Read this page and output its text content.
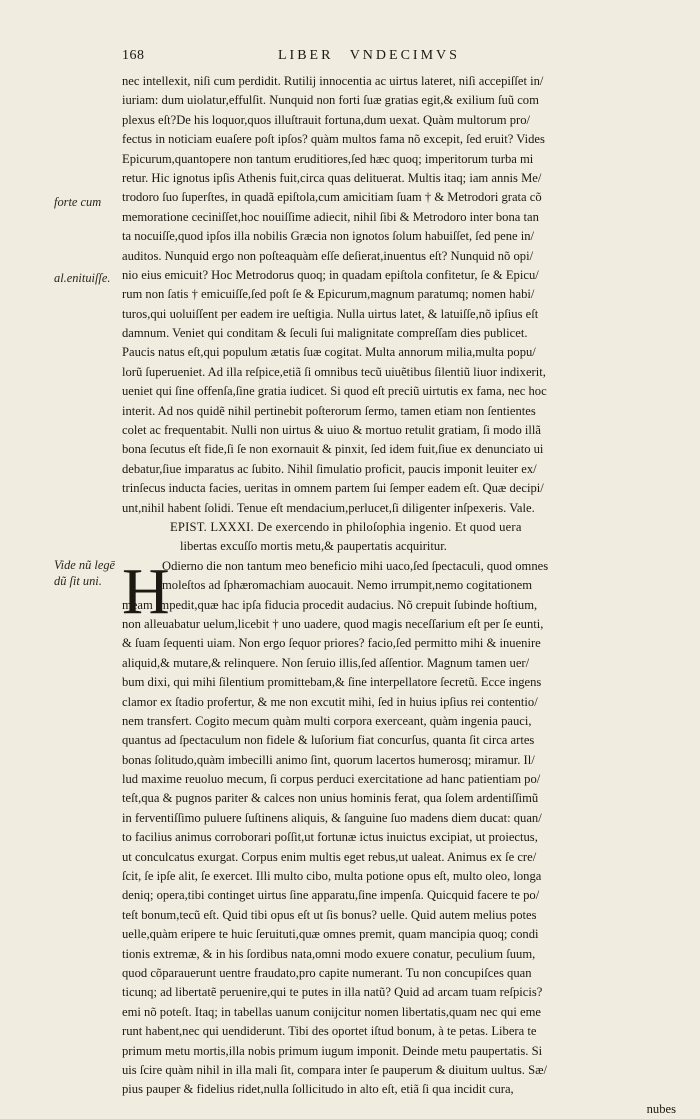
168	LIBER VNDECIMVS
forte cum
al.enituiſſe.
Vide nũ legē
dũ ſit uni.
nec intellexit, niſi cum perdidit. Rutilij innocentia ac uirtus lateret, niſi accepiſſet in/
iuriam: dum uiolatur,effulſit. Nunquid non forti ſuæ gratias egit,& exilium ſuũ com
plexus eſt?De his loquor,quos illuſtrauit fortuna,dum uexat. Quàm multorum pro/
fectus in noticiam euaſere poſt ipſos? quàm multos fama nõ excepit, ſed eruit? Vides
Epicurum,quantopere non tantum eruditiores,ſed hæc quoq; imperitorum turba mi
retur. Hic ignotus ipſis Athenis fuit,circa quas delituerat. Multis itaq; iam annis Me/
trodoro ſuo ſuperſtes, in quadã epiſtola,cum amicitiam ſuam † & Metrodori grata cõ
memoratione ceciniſſet,hoc nouiſſime adiecit, nihil ſibi & Metrodoro inter bona tan
ta nocuiſſe,quod ipſos illa nobilis Græcia non ignotos ſolum habuiſſet, ſed pene in/
auditos. Nunquid ergo non poſteaquàm eſſe deſierat,inuentus eſt? Nunquid nõ opi/
nio eius emicuit? Hoc Metrodorus quoq; in quadam epiſtola confitetur, ſe & Epicu/
rum non ſatis † emicuiſſe,ſed poſt ſe & Epicurum,magnum paratumq; nomen habi/
turos,qui uoluiſſent per eadem ire ueſtigia. Nulla uirtus latet, & latuiſſe,nõ ipſius eſt
damnum. Veniet qui conditam & ſeculi ſui malignitate compreſſam dies publicet.
Paucis natus eſt,qui populum ætatis ſuæ cogitat. Multa annorum milia,multa popu/
lorũ ſuperueniet. Ad illa reſpice,etiã ſi omnibus tecũ uiuẽtibus ſilentiũ liuor indixerit,
ueniet qui ſine offenſa,ſine gratia iudicet. Si quod eſt preciũ uirtutis ex fama, nec hoc
interit. Ad nos quidẽ nihil pertinebit poſterorum ſermo, tamen etiam non ſentientes
colet ac frequentabit. Nulli non uirtus & uiuo & mortuo retulit gratiam, ſi modo illã
bona ſecutus eſt fide,ſi ſe non exornauit & pinxit, ſed idem fuit,ſiue ex denunciato ui
debatur,ſiue imparatus ac ſubito. Nihil ſimulatio proficit, paucis imponit leuiter ex/
trinſecus inducta facies, ueritas in omnem partem ſui ſemper eadem eſt. Quæ decipi/
unt,nihil habent ſolidi. Tenue eſt mendacium,perlucet,ſi diligenter inſpexeris. Vale.
EPIST. LXXXI. De exercendo in philoſophia ingenio. Et quod uera
libertas excuſſo mortis metu,& paupertatis acquiritur.
H
Odierno die non tantum meo beneficio mihi uaco,ſed ſpectaculi, quod omnes
moleſtos ad ſphæromachiam auocauit. Nemo irrumpit,nemo cogitationem
meam impedit,quæ hac ipſa fiducia procedit audacius. Nõ crepuit ſubinde hoſtium,
non alleuabatur uelum,licebit † uno uadere, quod magis neceſſarium eſt per ſe eunti,
& ſuam ſequenti uiam. Non ergo ſequor priores? facio,ſed permitto mihi & inuenire
aliquid,& mutare,& relinquere. Non ſeruio illis,ſed aſſentior. Magnum tamen uer/
bum dixi, qui mihi ſilentium promittebam,& ſine interpellatore ſecretũ. Ecce ingens
clamor ex ſtadio profertur, & me non excutit mihi, ſed in huius ipſius rei contentio/
nem transfert. Cogito mecum quàm multi corpora exerceant, quàm ingenia pauci,
quantus ad ſpectaculum non fidele & luſorium fiat concurſus, quanta ſit circa artes
bonas ſolitudo,quàm imbecilli animo ſint, quorum lacertos humerosq; miramur. Il/
lud maxime reuoluo mecum, ſi corpus perduci exercitatione ad hanc patientiam po/
teſt,qua & pugnos pariter & calces non unius hominis ferat, qua ſolem ardentiſſimũ
in ferventiſſimo puluere ſuſtinens aliquis, & ſanguine ſuo madens diem ducat: quan/
to facilius animus corroborari poſſit,ut fortunæ ictus inuictus excipiat, ut proiectus,
ut conculcatus exurgat. Corpus enim multis eget rebus,ut ualeat. Animus ex ſe cre/
ſcit, ſe ipſe alit, ſe exercet. Illi multo cibo, multa potione opus eſt, multo oleo, longa
deniq; opera,tibi continget uirtus ſine apparatu,ſine impenſa. Quicquid facere te po/
teſt bonum,tecũ eſt. Quid tibi opus eſt ut ſis bonus? uelle. Quid autem melius potes
uelle,quàm eripere te huic ſeruituti,quæ omnes premit, quam mancipia quoq; condi
tionis extremæ, & in his ſordibus nata,omni modo exuere conatur, peculium ſuum,
quod cõparauerunt uentre fraudato,pro capite numerant. Tu non concupiſces quan
ticunq; ad libertatẽ peruenire,qui te putes in illa natũ? Quid ad arcam tuam reſpicis?
emi nõ poteſt. Itaq; in tabellas uanum conijcitur nomen libertatis,quam nec qui eme
runt habent,nec qui uendiderunt. Tibi des oportet iſtud bonum, à te petas. Libera te
primum metu mortis,illa nobis primum iugum imponit. Deinde metu paupertatis. Si
uis ſcire quàm nihil in illa mali ſit, compara inter ſe pauperum & diuitum uultus. Sæ/
pius pauper & fidelius ridet,nulla ſollicitudo in alto eſt, etiã ſi qua incidit cura,
nubes
